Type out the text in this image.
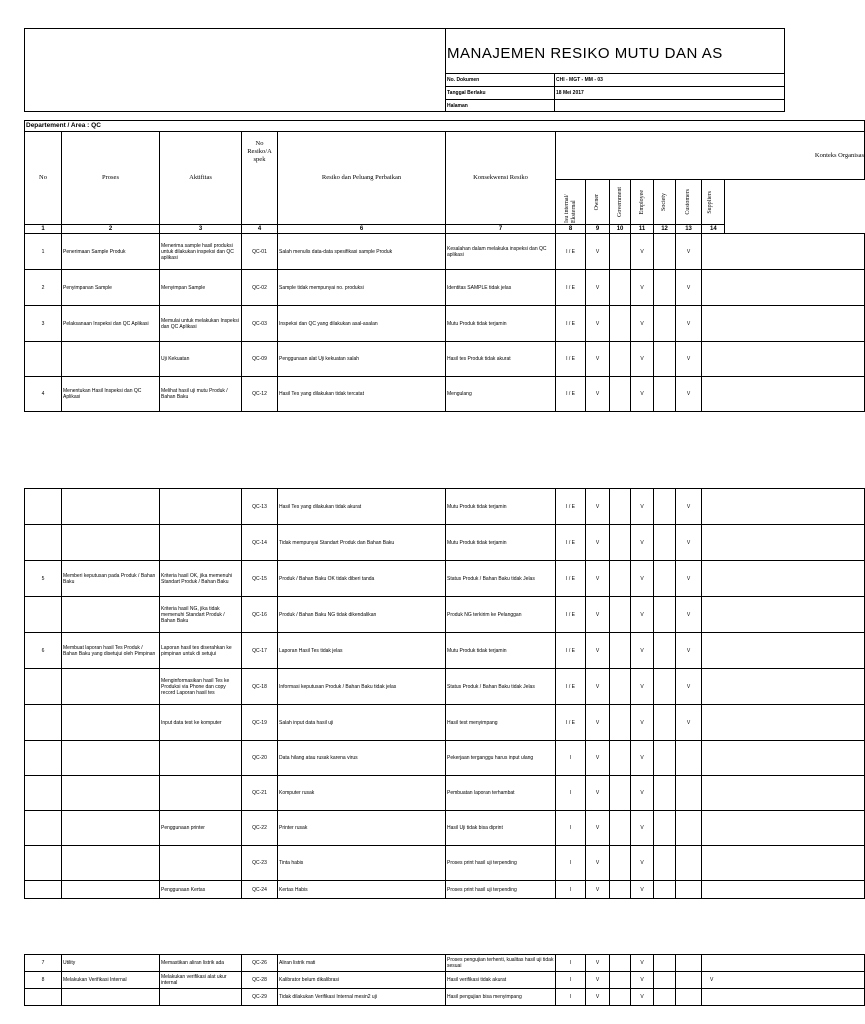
	MANAJEMEN RESIKO MUTU DAN AS	

	No. Dokumen	CHI - MGT - MM - 03
	Tanggal Berlaku	18 Mei 2017
	Halaman	
Departement / Area : QC												
No	Proses	Aktifitas	No Resiko/A spek	Resiko dan Peluang Perbaikan	Konsekwensi Resiko	Konteks Organisas						

						Isu internal/ Eksternal	Owner	Government	Employee	Society	Customers	Suppliers

1	2	3	4	6	7	8	9	10	11	12	13	14
1	Penerimaan Sample Produk	Menerima sample hasil produksi untuk dilakukan inspeksi dan QC aplikasi	QC-01	Salah menulis data-data spesifikasi sample Produk	Kesalahan dalam melakuka inspeksi dan QC aplikasi	I / E	V		V		V	
2	Penyimpanan Sample	Menyimpan Sample	QC-02	Sample tidak mempunyai no. produksi	Identitas SAMPLE tidak jelas	I / E	V		V		V	
3	Pelaksanaan Inspeksi dan QC Aplikasi	Memulai untuk melakukan Inspeksi dan QC Aplikasi	QC-03	Inspeksi dan QC yang dilakukan asal-asalan	Mutu Produk tidak terjamin	I / E	V		V		V	
		Uji Kekuatan	QC-09	Penggunaan alat Uji kekuatan salah	Hasil tes Produk tidak akurat	I / E	V		V		V	
4	Menentukan Hasil Inspeksi dan QC Aplikasi	Melihat hasil uji mutu Produk / Bahan Baku	QC-12	Hasil Tes yang dilakukan tidak tercatat	Mengulang	I / E	V		V		V	
			QC-13	Hasil Tes yang dilakukan tidak akurat	Mutu Produk tidak terjamin	I / E	V		V		V	
			QC-14	Tidak mempunyai Standart Produk dan Bahan Baku	Mutu Produk tidak terjamin	I / E	V		V		V	
5	Memberi keputusan pada Produk / Bahan Baku	Kriteria hasil OK, jika memenuhi Standart Produk / Bahan Baku	QC-15	Produk / Bahan Baku OK tidak diberi tanda	Status Produk / Bahan Baku tidak Jelas	I / E	V		V		V	
		Kriteria hasil NG, jika tidak memenuhi Standart Produk / Bahan Baku	QC-16	Produk / Bahan Baku NG tidak dikendalikan	Produk NG terkirim ke Pelanggan	I / E	V		V		V	
6	Membuat laporan hasil Tes Produk / Bahan Baku yang disetujui oleh Pimpinan	Laporan hasil tes diserahkan ke pimpinan untuk di setujui	QC-17	Laporan Hasil Tes tidak jelas	Mutu Produk tidak terjamin	I / E	V		V		V	
		Menginformasikan hasil Tes ke Produksi via Phone dan copy record Laporan hasil tes	QC-18	Informasi keputusan Produk / Bahan Baku tidak jelas	Status Produk / Bahan Baku tidak Jelas	I / E	V		V		V	
		Input data test ke komputer	QC-19	Salah input data hasil uji	Hasil test menyimpang	I / E	V		V		V	
			QC-20	Data hilang atau rusak karena virus	Pekerjaan terganggu harus input ulang	I	V		V			
			QC-21	Komputer rusak	Pembuatan laporan terhambat	I	V		V			
		Penggunaan printer	QC-22	Printer rusak	Hasil Uji tidak bisa diprint	I	V		V			
			QC-23	Tinta habis	Proses print hasil uji terpending	I	V		V			
		Penggunaan Kertas	QC-24	Kertas Habis	Proses print hasil uji terpending	I	V		V			
7	Utility	Memastikan aliran listrik ada	QC-26	Aliran listrik mati	Proses pengujian terhenti, kualitas hasil uji tidak sesuai	I	V		V			
8	Melakukan Verifikasi Internal	Melakukan verifikasi alat ukur internal	QC-28	Kalibrator belum dikalibrasi	Hasil verifikasi tidak akurat	I	V		V			V
			QC-29	Tidak dilakukan Verifikasi Internal mesin2 uji	Hasil pengujian bisa menyimpang	I	V		V			
